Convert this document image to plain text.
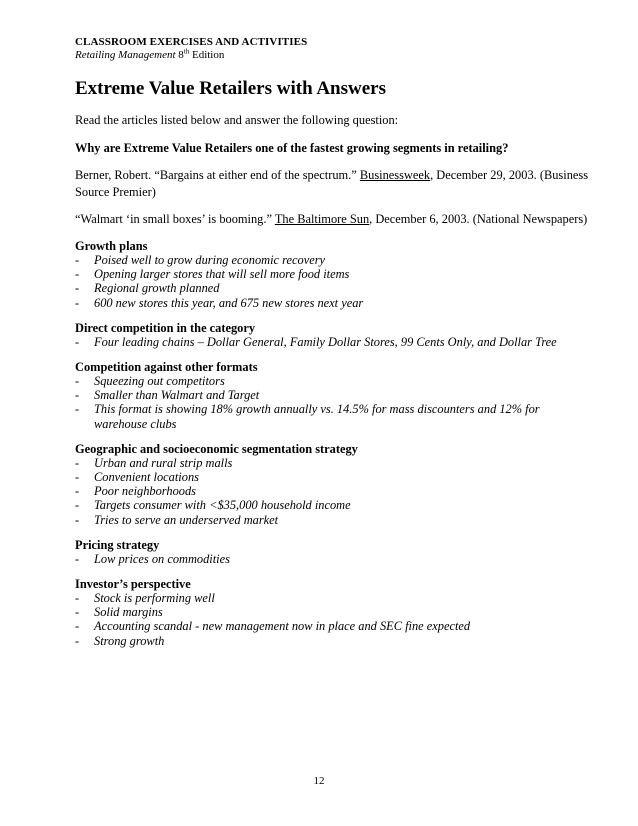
CLASSROOM EXERCISES AND ACTIVITIES
Retailing Management 8th Edition
Extreme Value Retailers with Answers
Read the articles listed below and answer the following question:
Why are Extreme Value Retailers one of the fastest growing segments in retailing?
Berner, Robert. “Bargains at either end of the spectrum.” Businessweek, December 29, 2003. (Business Source Premier)
“Walmart ‘in small boxes’ is booming.” The Baltimore Sun, December 6, 2003. (National Newspapers)
Growth plans
- Poised well to grow during economic recovery
- Opening larger stores that will sell more food items
- Regional growth planned
- 600 new stores this year, and 675 new stores next year
Direct competition in the category
- Four leading chains – Dollar General, Family Dollar Stores, 99 Cents Only, and Dollar Tree
Competition against other formats
- Squeezing out competitors
- Smaller than Walmart and Target
- This format is showing 18% growth annually vs. 14.5% for mass discounters and 12% for warehouse clubs
Geographic and socioeconomic segmentation strategy
- Urban and rural strip malls
- Convenient locations
- Poor neighborhoods
- Targets consumer with <$35,000 household income
- Tries to serve an underserved market
Pricing strategy
- Low prices on commodities
Investor’s perspective
- Stock is performing well
- Solid margins
- Accounting scandal - new management now in place and SEC fine expected
- Strong growth
12
